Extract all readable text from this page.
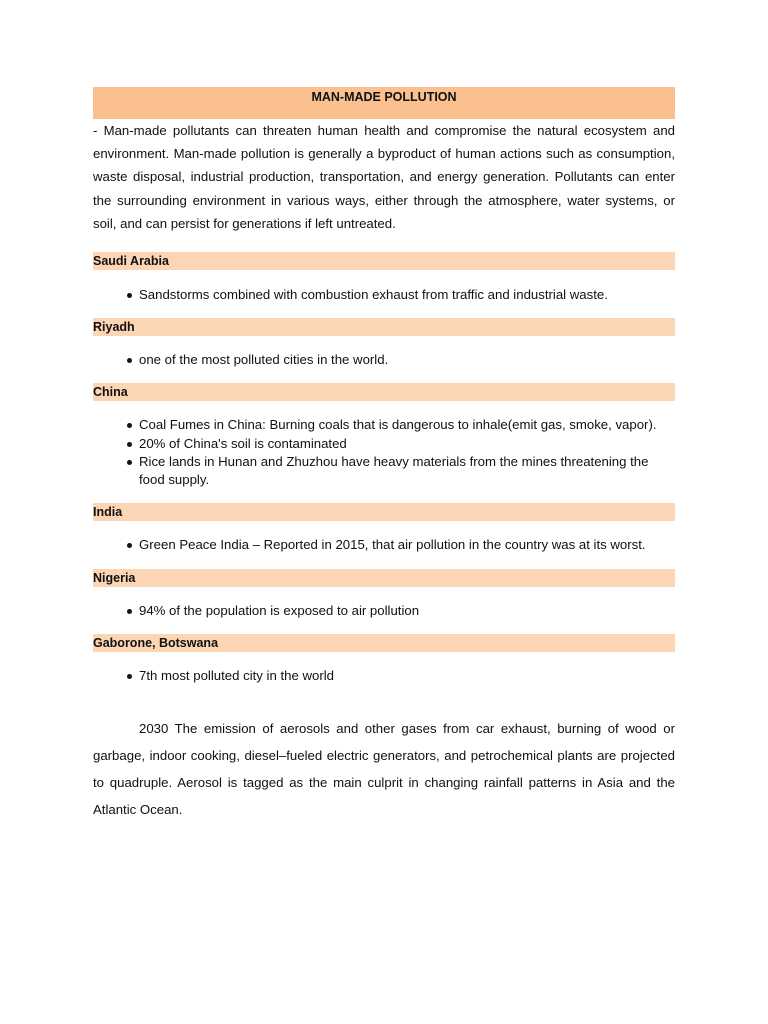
MAN-MADE POLLUTION

- Man-made pollutants can threaten human health and compromise the natural ecosystem and environment. Man-made pollution is generally a byproduct of human actions such as consumption, waste disposal, industrial production, transportation, and energy generation. Pollutants can enter the surrounding environment in various ways, either through the atmosphere, water systems, or soil, and can persist for generations if left untreated.

Saudi Arabia
Sandstorms combined with combustion exhaust from traffic and industrial waste.
Riyadh
one of the most polluted cities in the world.
China
Coal Fumes in China: Burning coals that is dangerous to inhale(emit gas, smoke, vapor).
20% of China's soil is contaminated
Rice lands in Hunan and Zhuzhou have heavy materials from the mines threatening the food supply.
India
Green Peace India – Reported in 2015, that air pollution in the country was at its worst.
Nigeria
94% of the population is exposed to air pollution
Gaborone, Botswana
7th most polluted city in the world

2030 The emission of aerosols and other gases from car exhaust, burning of wood or garbage, indoor cooking, diesel–fueled electric generators, and petrochemical plants are projected to quadruple. Aerosol is tagged as the main culprit in changing rainfall patterns in Asia and the Atlantic Ocean.
